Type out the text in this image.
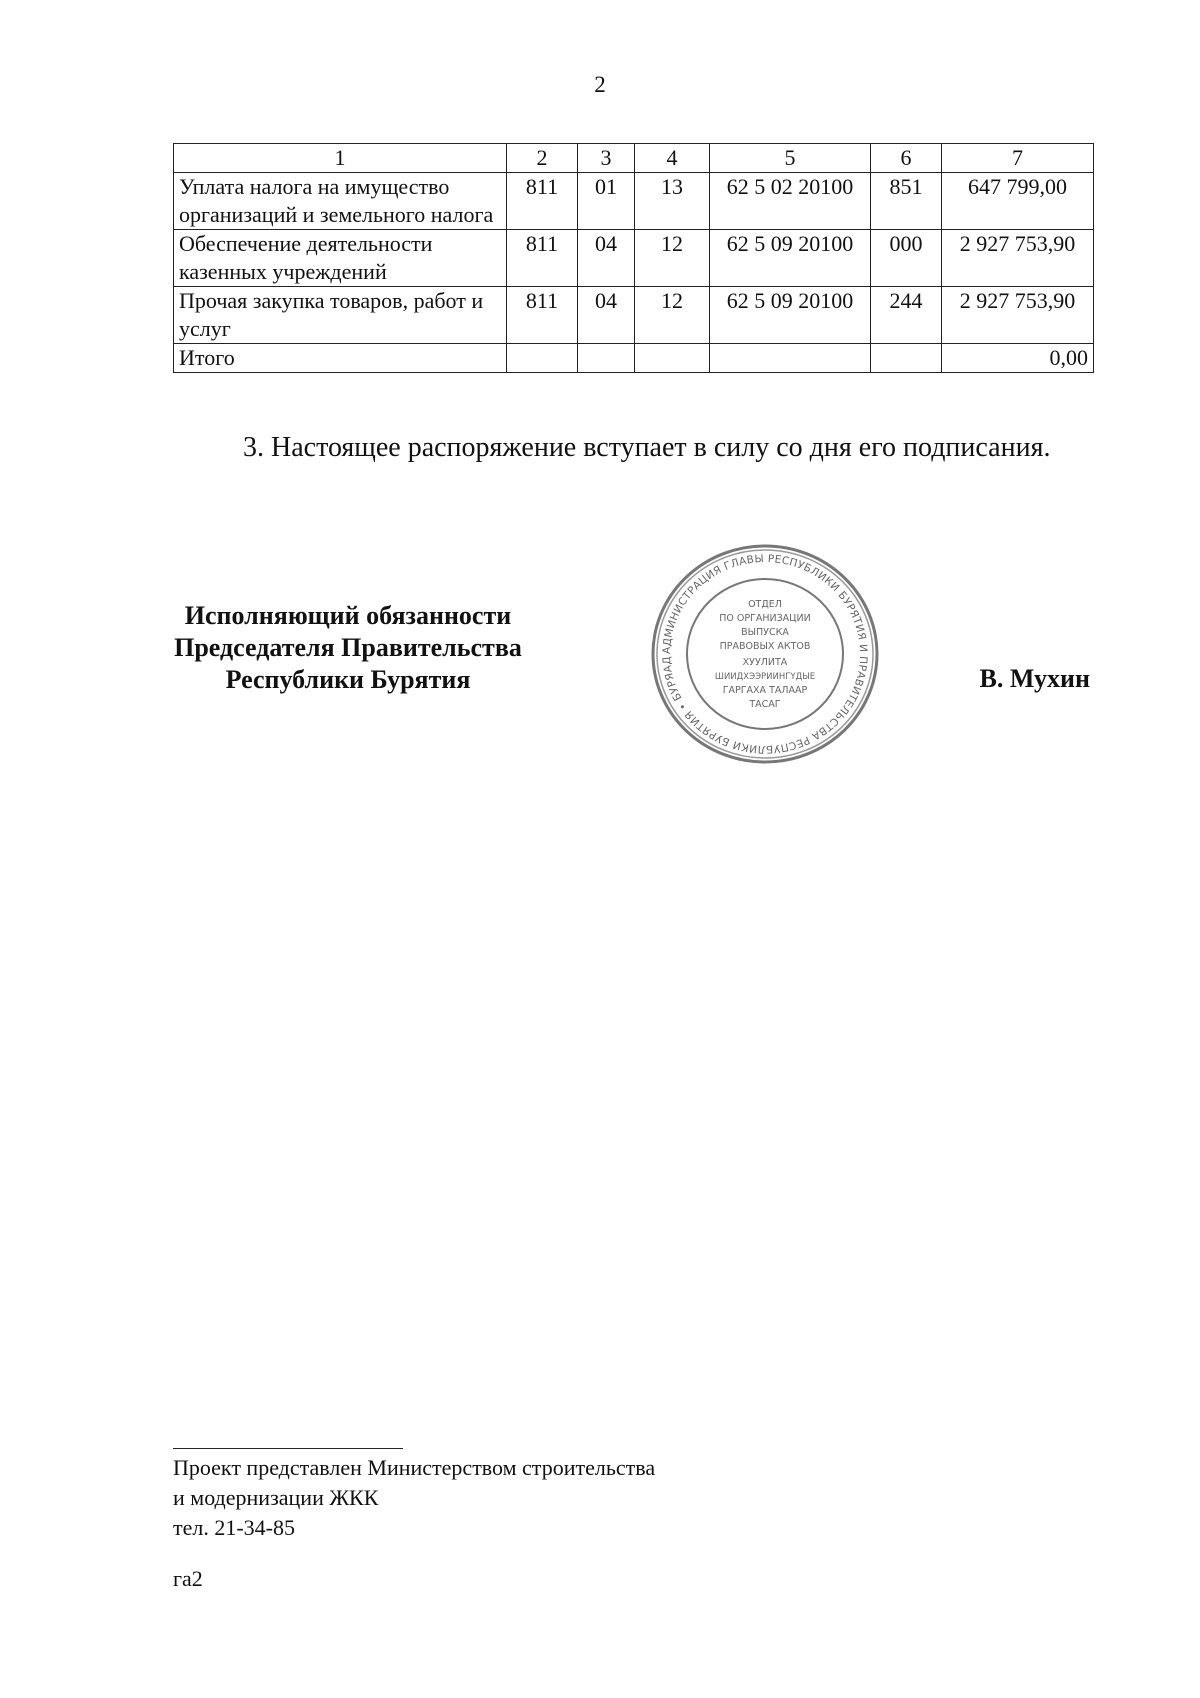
2
1	2	3	4	5	6	7
Уплата налога на имущество организаций и земельного налога	811	01	13	62 5 02 20100	851	647 799,00
Обеспечение деятельности казенных учреждений	811	04	12	62 5 09 20100	000	2 927 753,90
Прочая закупка товаров, работ и услуг	811	04	12	62 5 09 20100	244	2 927 753,90
Итого						0,00
3. Настоящее распоряжение вступает в силу со дня его подписания.
Исполняющий обязанности
Председателя Правительства
Республики Бурятия
АДМИНИСТРАЦИЯ ГЛАВЫ РЕСПУБЛИКИ БУРЯТИЯ И ПРАВИТЕЛЬСТВА РЕСПУБЛИКИ БУРЯТИЯ • БУРЯАД
ОТДЕЛ
ПО ОРГАНИЗАЦИИ
ВЫПУСКА
ПРАВОВЫХ АКТОВ
ХУУЛИТА
ШИИДХЭЭРИИНГҮДЫЕ
ГАРГАХА ТАЛААР
ТАСАГ
В. Мухин
Проект представлен Министерством строительства
и модернизации ЖКК
тел. 21-34-85
га2
